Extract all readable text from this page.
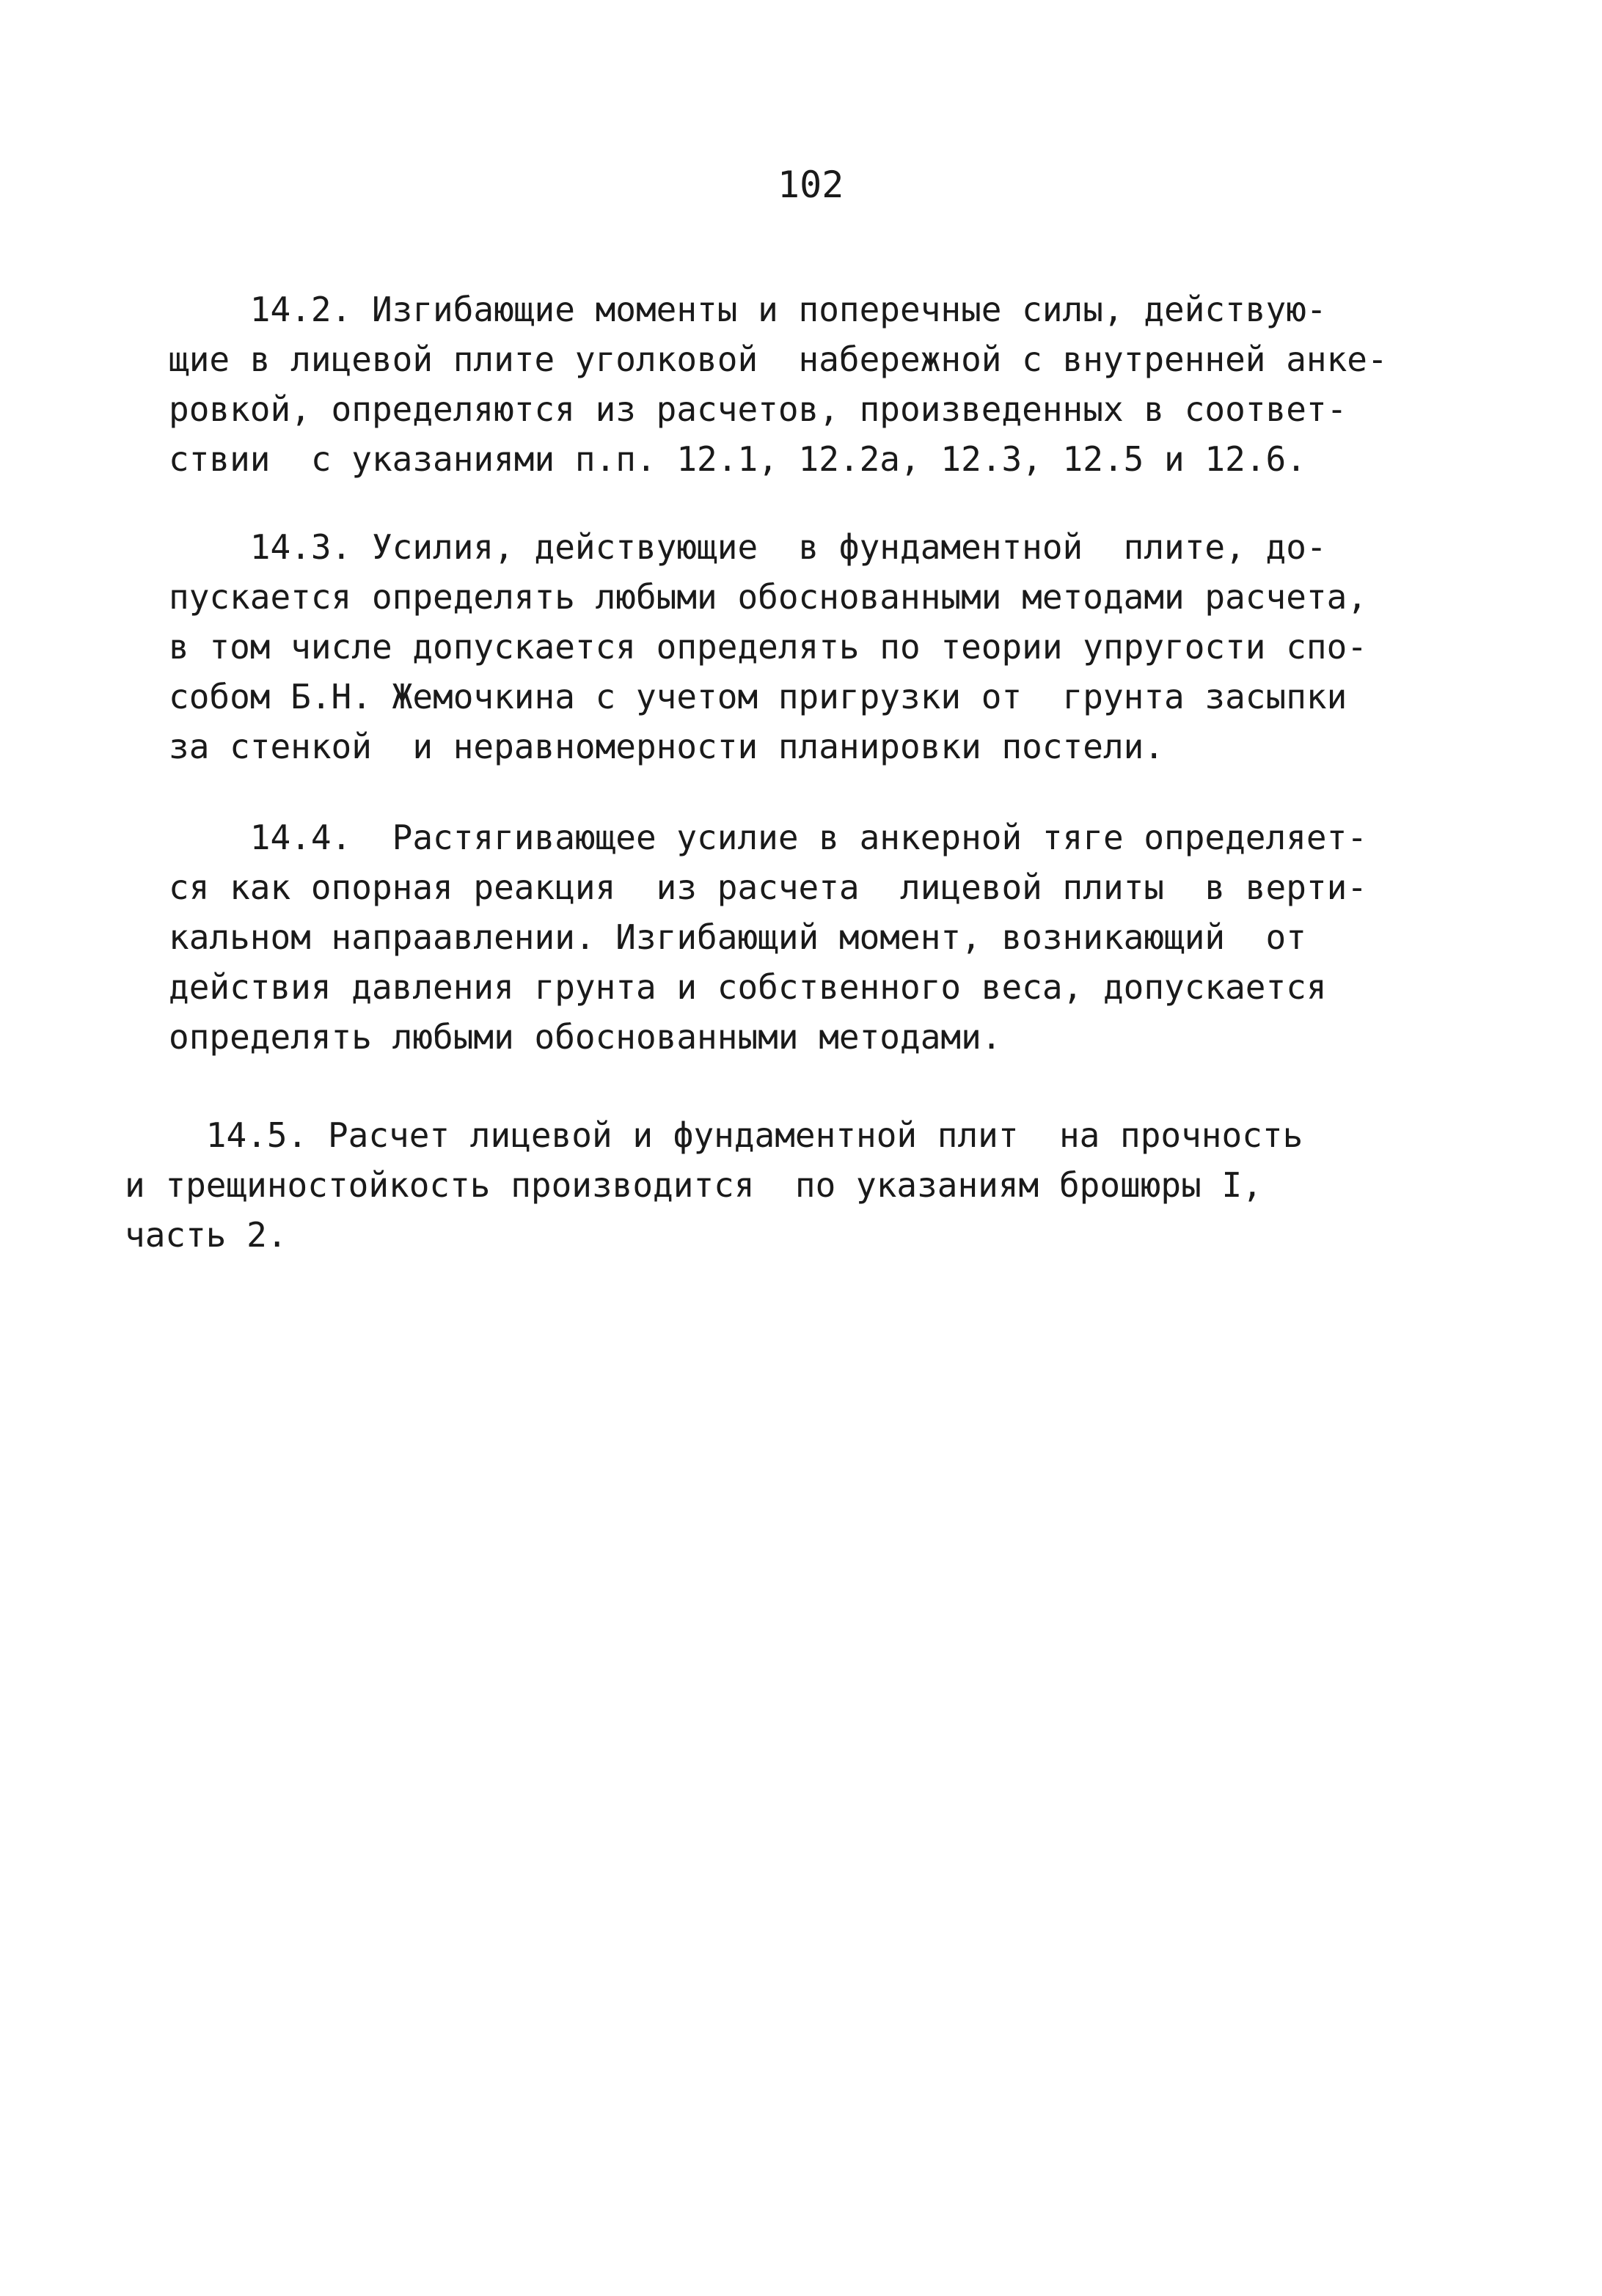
102
14.2. Изгибающие моменты и поперечные силы, действую-
щие в лицевой плите уголковой  набережной с внутренней анке-
ровкой, определяются из расчетов, произведенных в соответ-
ствии  с указаниями п.п. 12.1, 12.2а, 12.3, 12.5 и 12.6.
14.3. Усилия, действующие  в фундаментной  плите, до-
пускается определять любыми обоснованными методами расчета,
в том числе допускается определять по теории упругости спо-
собом Б.Н. Жемочкина с учетом пригрузки от  грунта засыпки
за стенкой  и неравномерности планировки постели.
14.4.  Растягивающее усилие в анкерной тяге определяет-
ся как опорная реакция  из расчета  лицевой плиты  в верти-
кальном напраавлении. Изгибающий момент, возникающий  от
действия давления грунта и собственного веса, допускается
определять любыми обоснованными методами.
14.5. Расчет лицевой и фундаментной плит  на прочность
и трещиностойкость производится  по указаниям брошюры I,
часть 2.
